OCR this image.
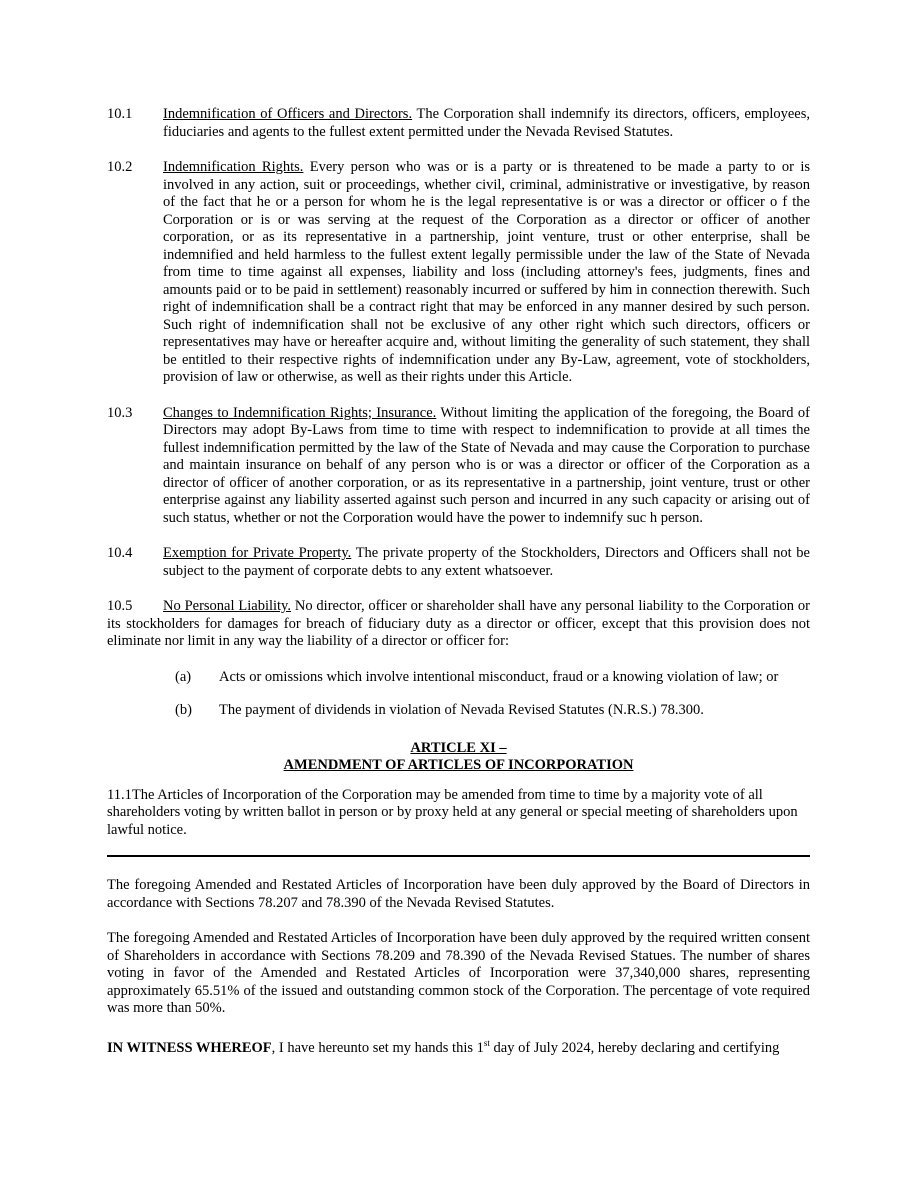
10.1	Indemnification of Officers and Directors. The Corporation shall indemnify its directors, officers, employees, fiduciaries and agents to the fullest extent permitted under the Nevada Revised Statutes.
10.2	Indemnification Rights. Every person who was or is a party or is threatened to be made a party to or is involved in any action, suit or proceedings, whether civil, criminal, administrative or investigative, by reason of the fact that he or a person for whom he is the legal representative is or was a director or officer o f the Corporation or is or was serving at the request of the Corporation as a director or officer of another corporation, or as its representative in a partnership, joint venture, trust or other enterprise, shall be indemnified and held harmless to the fullest extent legally permissible under the law of the State of Nevada from time to time against all expenses, liability and loss (including attorney's fees, judgments, fines and amounts paid or to be paid in settlement) reasonably incurred or suffered by him in connection therewith. Such right of indemnification shall be a contract right that may be enforced in any manner desired by such person. Such right of indemnification shall not be exclusive of any other right which such directors, officers or representatives may have or hereafter acquire and, without limiting the generality of such statement, they shall be entitled to their respective rights of indemnification under any By-Law, agreement, vote of stockholders, provision of law or otherwise, as well as their rights under this Article.
10.3	Changes to Indemnification Rights; Insurance. Without limiting the application of the foregoing, the Board of Directors may adopt By-Laws from time to time with respect to indemnification to provide at all times the fullest indemnification permitted by the law of the State of Nevada and may cause the Corporation to purchase and maintain insurance on behalf of any person who is or was a director or officer of the Corporation as a director of officer of another corporation, or as its representative in a partnership, joint venture, trust or other enterprise against any liability asserted against such person and incurred in any such capacity or arising out of such status, whether or not the Corporation would have the power to indemnify suc h person.
10.4	Exemption for Private Property. The private property of the Stockholders, Directors and Officers shall not be subject to the payment of corporate debts to any extent whatsoever.

10.5 No Personal Liability. No director, officer or shareholder shall have any personal liability to the Corporation or its stockholders for damages for breach of fiduciary duty as a director or officer, except that this provision does not eliminate nor limit in any way the liability of a director or officer for:

(a)	Acts or omissions which involve intentional misconduct, fraud or a knowing violation of law; or
(b)	The payment of dividends in violation of Nevada Revised Statutes (N.R.S.) 78.300.
ARTICLE XI –
AMENDMENT OF ARTICLES OF INCORPORATION

11.1The Articles of Incorporation of the Corporation may be amended from time to time by a majority vote of all shareholders voting by written ballot in person or by proxy held at any general or special meeting of shareholders upon lawful notice.

The foregoing Amended and Restated Articles of Incorporation have been duly approved by the Board of Directors in accordance with Sections 78.207 and 78.390 of the Nevada Revised Statutes.

The foregoing Amended and Restated Articles of Incorporation have been duly approved by the required written consent of Shareholders in accordance with Sections 78.209 and 78.390 of the Nevada Revised Statues. The number of shares voting in favor of the Amended and Restated Articles of Incorporation were 37,340,000 shares, representing approximately 65.51% of the issued and outstanding common stock of the Corporation. The percentage of vote required was more than 50%.

IN WITNESS WHEREOF, I have hereunto set my hands this 1st day of July 2024, hereby declaring and certifying
